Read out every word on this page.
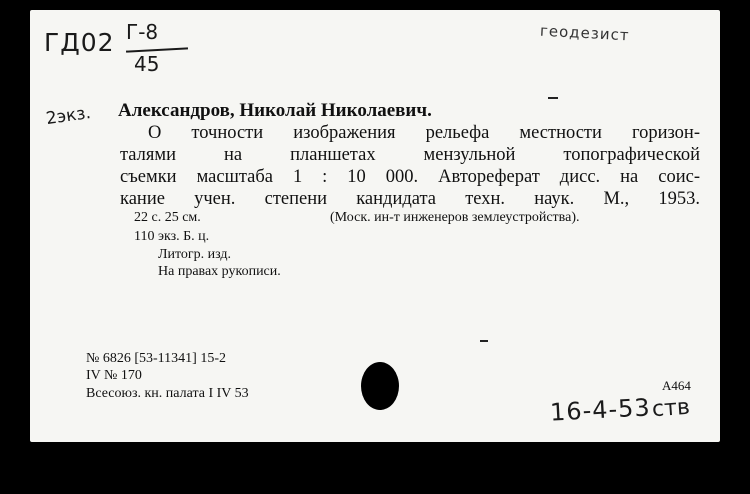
ГД02 Г-8
45
геодезист
2экз. Александров, Николай Николаевич.
О точности изображения рельефа местности горизон-
талями на планшетах мензульной топографической
съемки масштаба 1 : 10 000. Автореферат дисс. на соис-
кание учен. степени кандидата техн. наук. М., 1953.
22 с. 25 см.	(Моск. ин-т инженеров землеустройства).
110 экз. Б. ц.
Литогр. изд.
На правах рукописи.
№ 6826 [53-11341] 15-2
IV № 170
Всесоюз. кн. палата I IV 53
А464
16-4-53 ств
